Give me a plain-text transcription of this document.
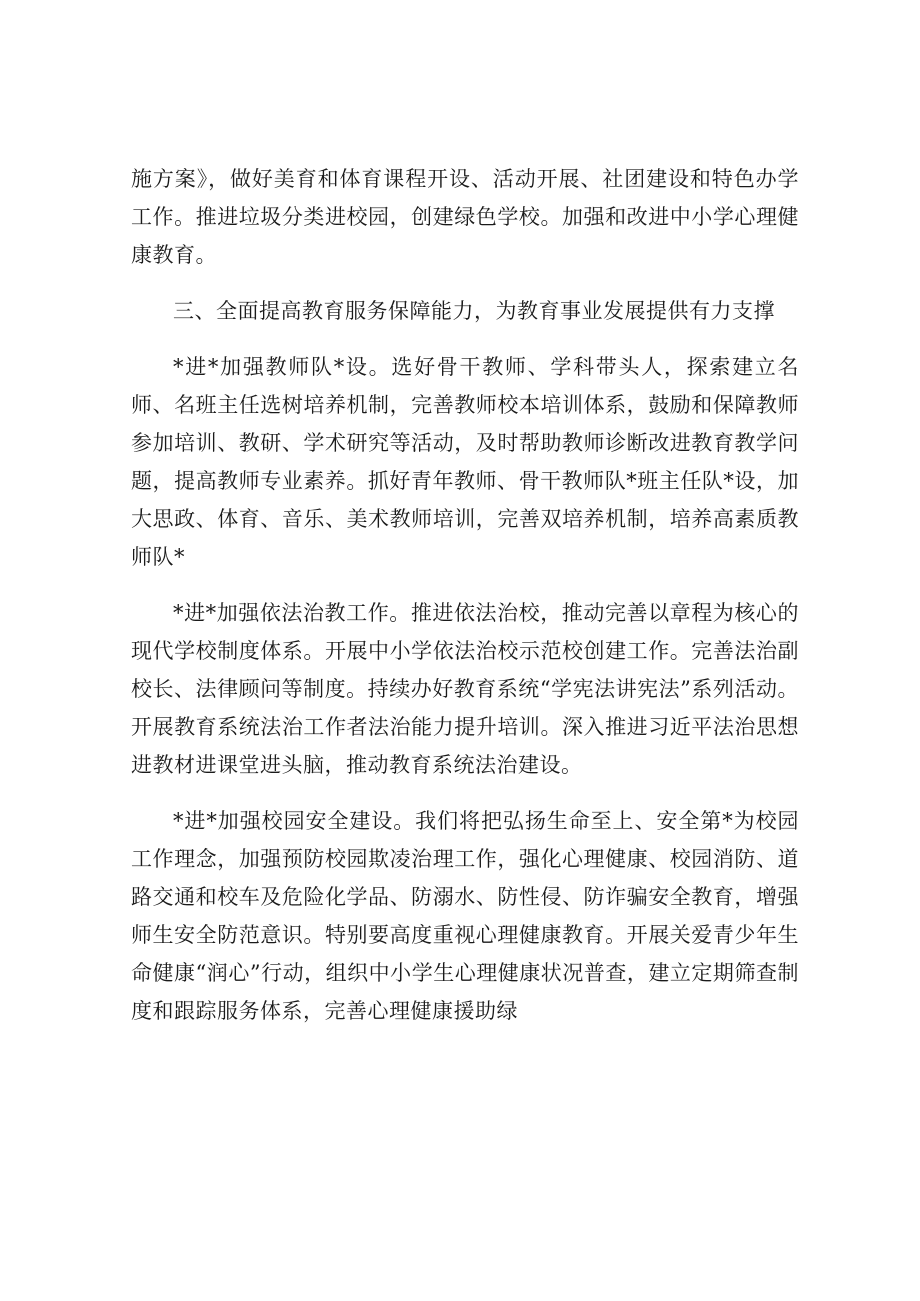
施方案》，做好美育和体育课程开设、活动开展、社团建设和特色办学工作。推进垃圾分类进校园，创建绿色学校。加强和改进中小学心理健康教育。

三、全面提高教育服务保障能力，为教育事业发展提供有力支撑

*进*加强教师队*设。选好骨干教师、学科带头人，探索建立名师、名班主任选树培养机制，完善教师校本培训体系，鼓励和保障教师参加培训、教研、学术研究等活动，及时帮助教师诊断改进教育教学问题，提高教师专业素养。抓好青年教师、骨干教师队*班主任队*设，加大思政、体育、音乐、美术教师培训，完善双培养机制，培养高素质教师队*

*进*加强依法治教工作。推进依法治校，推动完善以章程为核心的现代学校制度体系。开展中小学依法治校示范校创建工作。完善法治副校长、法律顾问等制度。持续办好教育系统“学宪法讲宪法”系列活动。开展教育系统法治工作者法治能力提升培训。深入推进习近平法治思想进教材进课堂进头脑，推动教育系统法治建设。

*进*加强校园安全建设。我们将把弘扬生命至上、安全第*为校园工作理念，加强预防校园欺凌治理工作，强化心理健康、校园消防、道路交通和校车及危险化学品、防溺水、防性侵、防诈骗安全教育，增强师生安全防范意识。特别要高度重视心理健康教育。开展关爱青少年生命健康“润心”行动，组织中小学生心理健康状况普查，建立定期筛查制度和跟踪服务体系，完善心理健康援助绿
